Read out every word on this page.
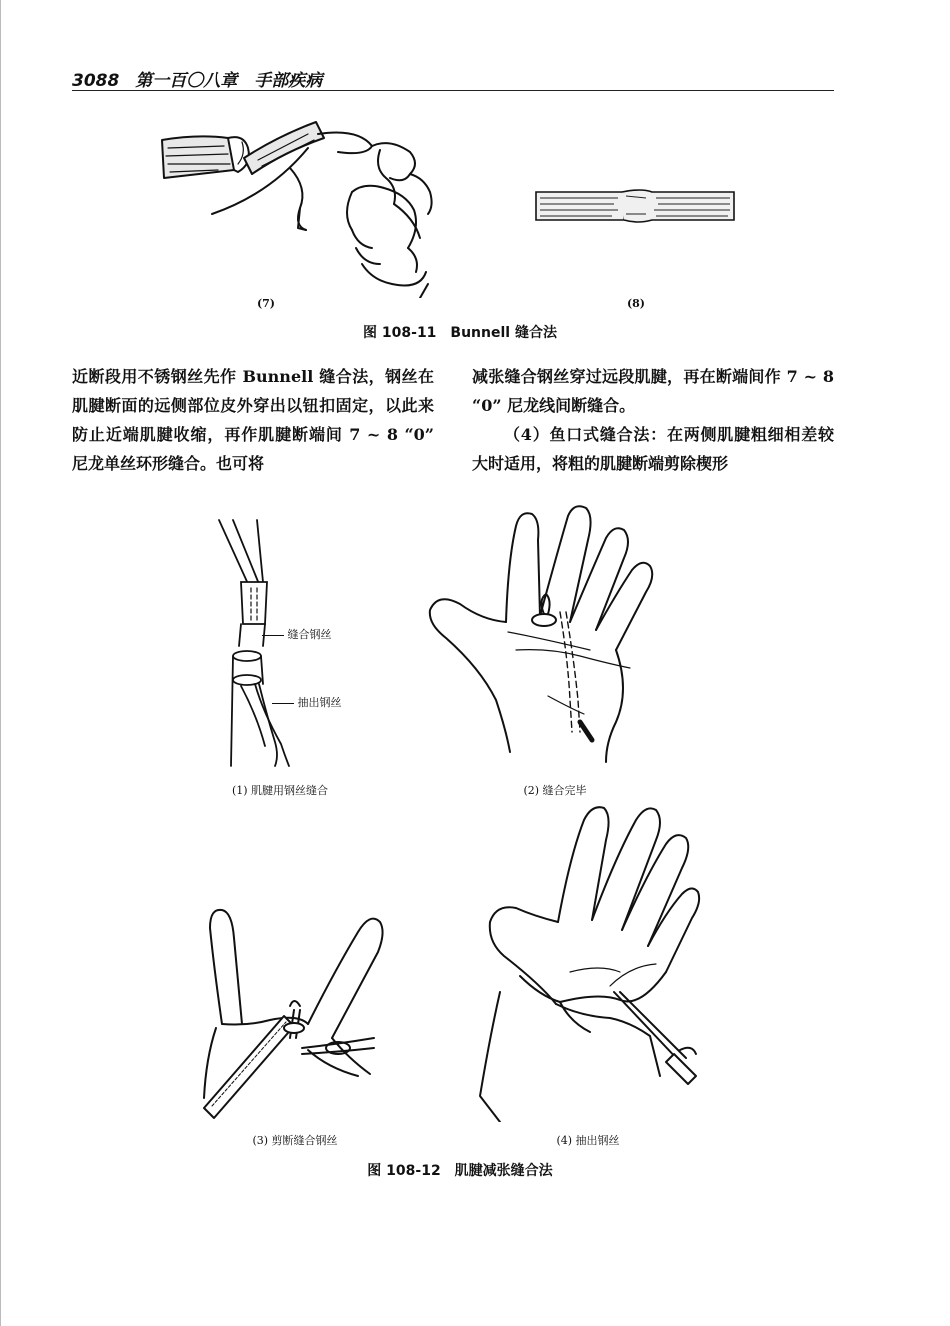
3088 第一百〇八章　手部疾病
(7)	(8)
图 108-11　Bunnell 缝合法

近断段用不锈钢丝先作 Bunnell 缝合法，钢丝在肌腱断面的远侧部位皮外穿出以钮扣固定，以此来防止近端肌腱收缩，再作肌腱断端间 7 ~ 8 “0” 尼龙单丝环形缝合。也可将

减张缝合钢丝穿过远段肌腱，再在断端间作 7 ~ 8 “0” 尼龙线间断缝合。

（4）鱼口式缝合法：在两侧肌腱粗细相差较大时适用，将粗的肌腱断端剪除楔形

缝合钢丝
抽出钢丝
(1) 肌腱用钢丝缝合	(2) 缝合完毕
(3) 剪断缝合钢丝	(4) 抽出钢丝
图 108-12　肌腱减张缝合法
